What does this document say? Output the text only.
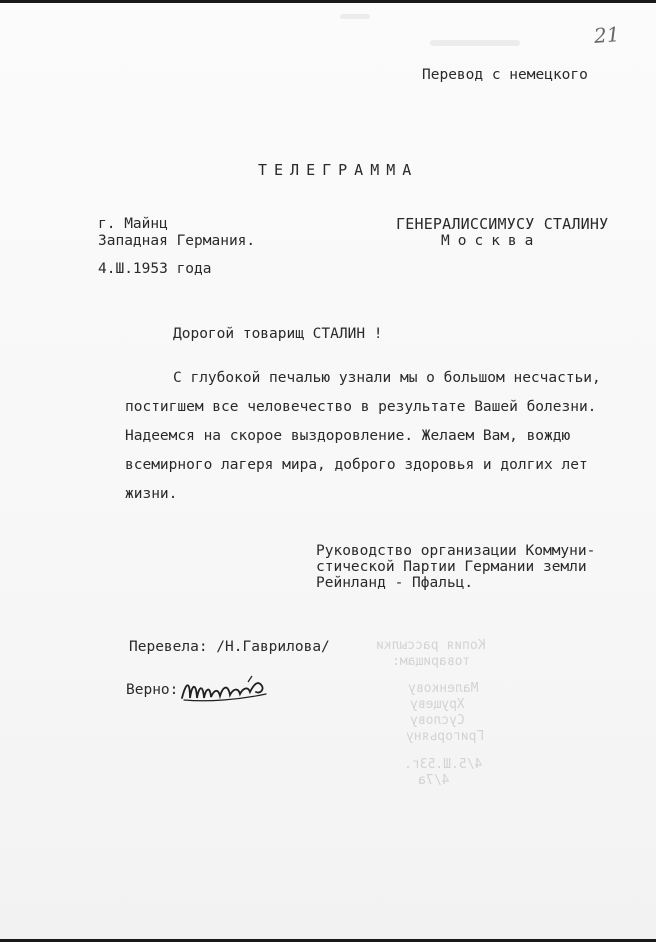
21
Перевод с немецкого
ТЕЛЕГРАММА
г. Майнц
Западная Германия.
4.Ш.1953 года
ГЕНЕРАЛИССИМУСУ СТАЛИНУ
Москва
Дорогой товарищ СТАЛИН !
С глубокой печалью узнали мы о большом несчастьи,
постигшем все человечество в результате Вашей болезни.
Надеемся на скорое выздоровление. Желаем Вам, вождю
всемирного лагеря мира, доброго здоровья и долгих лет
жизни.
Руководство организации Коммуни-
стической Партии Германии земли
Рейнланд - Пфальц.
Перевела: /Н.Гаврилова/
Верно:
Копия рассылки
товарищам:
Маленкову
Хрущеву
Суслову
Григорьяну
4/5.Ш.53г.
4/7а
